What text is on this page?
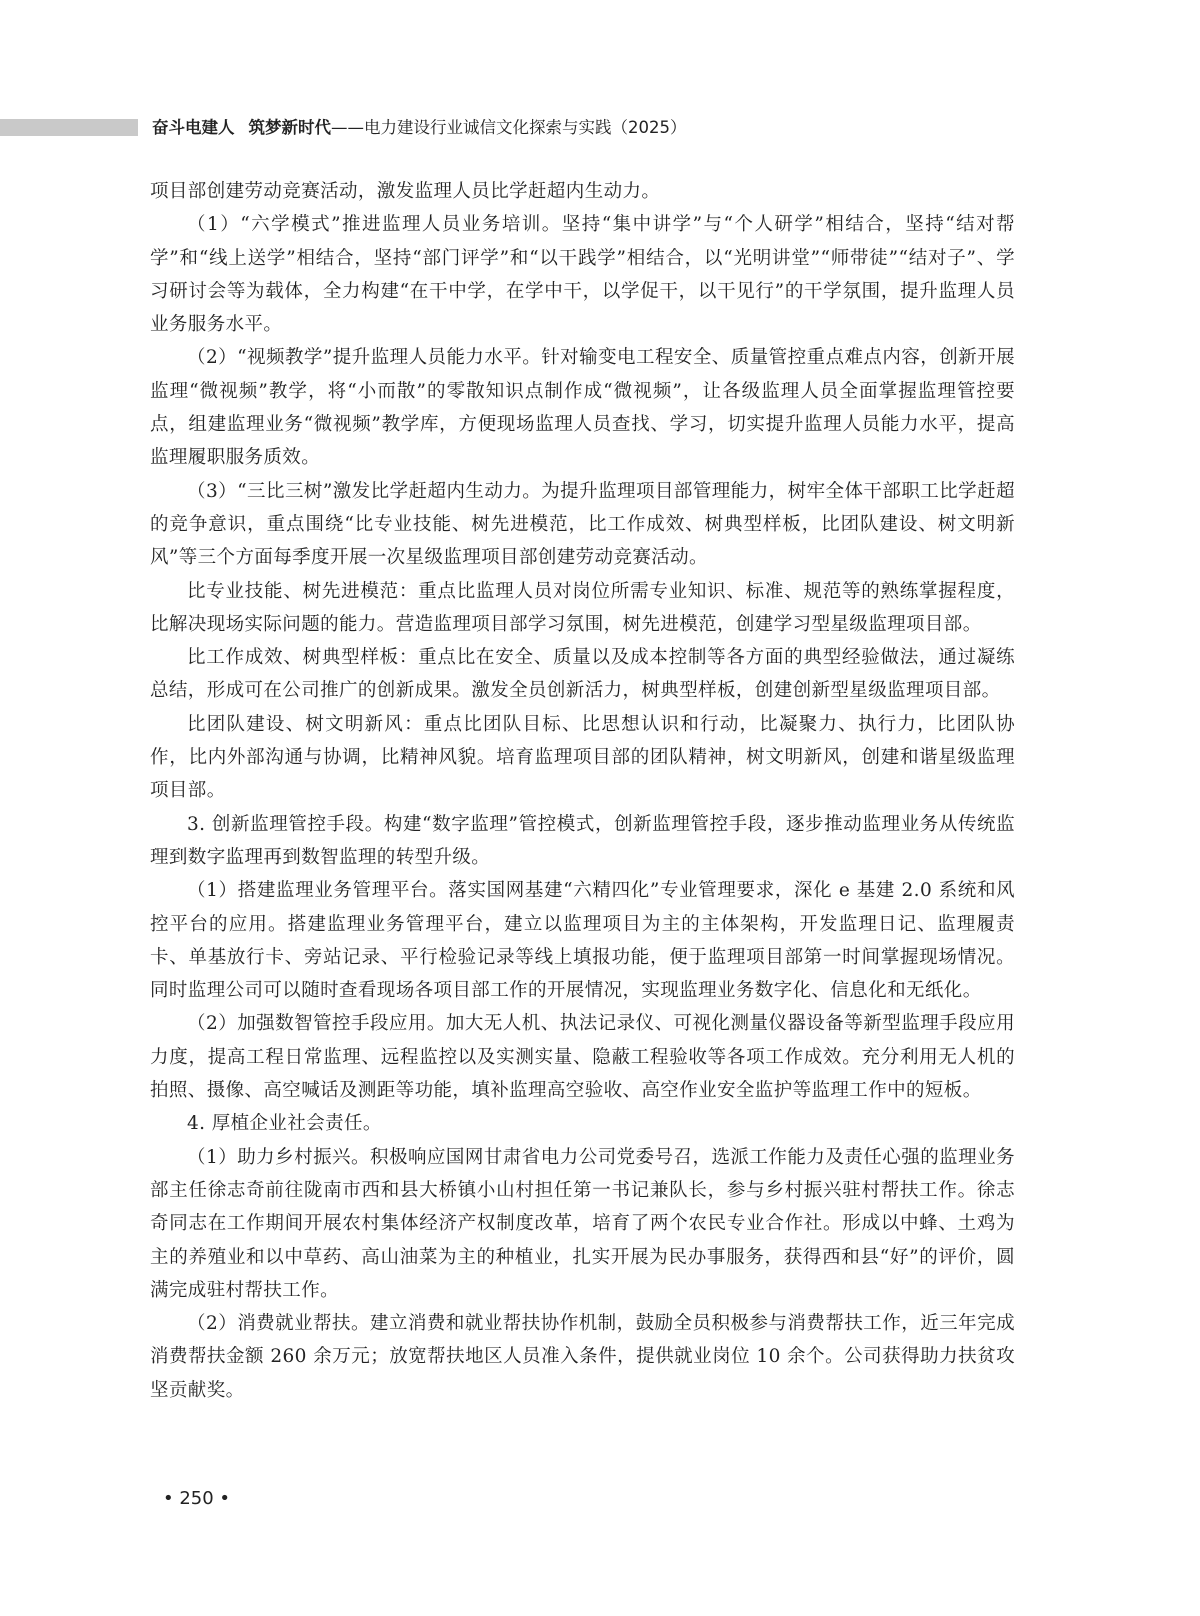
奋斗电建人 筑梦新时代——电力建设行业诚信文化探索与实践（2025）

项目部创建劳动竞赛活动，激发监理人员比学赶超内生动力。

（1）“六学模式”推进监理人员业务培训。坚持“集中讲学”与“个人研学”相结合，坚持“结对帮学”和“线上送学”相结合，坚持“部门评学”和“以干践学”相结合，以“光明讲堂”“师带徒”“结对子”、学习研讨会等为载体，全力构建“在干中学，在学中干，以学促干，以干见行”的干学氛围，提升监理人员业务服务水平。

（2）“视频教学”提升监理人员能力水平。针对输变电工程安全、质量管控重点难点内容，创新开展监理“微视频”教学，将“小而散”的零散知识点制作成“微视频”，让各级监理人员全面掌握监理管控要点，组建监理业务“微视频”教学库，方便现场监理人员查找、学习，切实提升监理人员能力水平，提高监理履职服务质效。

（3）“三比三树”激发比学赶超内生动力。为提升监理项目部管理能力，树牢全体干部职工比学赶超的竞争意识，重点围绕“比专业技能、树先进模范，比工作成效、树典型样板，比团队建设、树文明新风”等三个方面每季度开展一次星级监理项目部创建劳动竞赛活动。

比专业技能、树先进模范：重点比监理人员对岗位所需专业知识、标准、规范等的熟练掌握程度，比解决现场实际问题的能力。营造监理项目部学习氛围，树先进模范，创建学习型星级监理项目部。

比工作成效、树典型样板：重点比在安全、质量以及成本控制等各方面的典型经验做法，通过凝练总结，形成可在公司推广的创新成果。激发全员创新活力，树典型样板，创建创新型星级监理项目部。

比团队建设、树文明新风：重点比团队目标、比思想认识和行动，比凝聚力、执行力，比团队协作，比内外部沟通与协调，比精神风貌。培育监理项目部的团队精神，树文明新风，创建和谐星级监理项目部。

3. 创新监理管控手段。构建“数字监理”管控模式，创新监理管控手段，逐步推动监理业务从传统监理到数字监理再到数智监理的转型升级。

（1）搭建监理业务管理平台。落实国网基建“六精四化”专业管理要求，深化 e 基建 2.0 系统和风控平台的应用。搭建监理业务管理平台，建立以监理项目为主的主体架构，开发监理日记、监理履责卡、单基放行卡、旁站记录、平行检验记录等线上填报功能，便于监理项目部第一时间掌握现场情况。同时监理公司可以随时查看现场各项目部工作的开展情况，实现监理业务数字化、信息化和无纸化。

（2）加强数智管控手段应用。加大无人机、执法记录仪、可视化测量仪器设备等新型监理手段应用力度，提高工程日常监理、远程监控以及实测实量、隐蔽工程验收等各项工作成效。充分利用无人机的拍照、摄像、高空喊话及测距等功能，填补监理高空验收、高空作业安全监护等监理工作中的短板。

4. 厚植企业社会责任。

（1）助力乡村振兴。积极响应国网甘肃省电力公司党委号召，选派工作能力及责任心强的监理业务部主任徐志奇前往陇南市西和县大桥镇小山村担任第一书记兼队长，参与乡村振兴驻村帮扶工作。徐志奇同志在工作期间开展农村集体经济产权制度改革，培育了两个农民专业合作社。形成以中蜂、土鸡为主的养殖业和以中草药、高山油菜为主的种植业，扎实开展为民办事服务，获得西和县“好”的评价，圆满完成驻村帮扶工作。

（2）消费就业帮扶。建立消费和就业帮扶协作机制，鼓励全员积极参与消费帮扶工作，近三年完成消费帮扶金额 260 余万元；放宽帮扶地区人员准入条件，提供就业岗位 10 余个。公司获得助力扶贫攻坚贡献奖。

• 250 •
